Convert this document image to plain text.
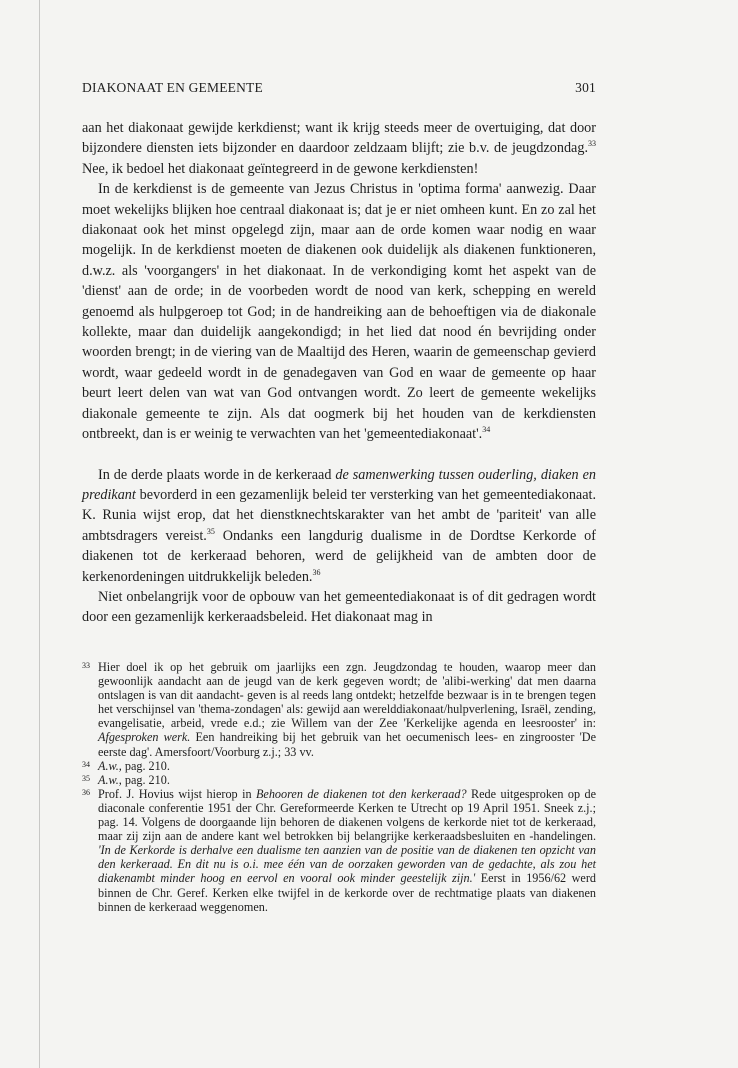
DIAKONAAT EN GEMEENTE	301

aan het diakonaat gewijde kerkdienst; want ik krijg steeds meer de overtuiging, dat door bijzondere diensten iets bijzonder en daardoor zeldzaam blijft; zie b.v. de jeugdzondag.$^{33}$ Nee, ik bedoel het diakonaat geïntegreerd in de gewone kerkdiensten!

In de kerkdienst is de gemeente van Jezus Christus in 'optima forma' aanwezig. Daar moet wekelijks blijken hoe centraal diakonaat is; dat je er niet omheen kunt. En zo zal het diakonaat ook het minst opgelegd zijn, maar aan de orde komen waar nodig en waar mogelijk. In de kerkdienst moeten de diakenen ook duidelijk als diakenen funktioneren, d.w.z. als 'voorgangers' in het diakonaat. In de verkondiging komt het aspekt van de 'dienst' aan de orde; in de voorbeden wordt de nood van kerk, schepping en wereld genoemd als hulpgeroep tot God; in de handreiking aan de behoeftigen via de diakonale kollekte, maar dan duidelijk aangekondigd; in het lied dat nood én bevrijding onder woorden brengt; in de viering van de Maaltijd des Heren, waarin de gemeenschap gevierd wordt, waar gedeeld wordt in de genadegaven van God en waar de gemeente op haar beurt leert delen van wat van God ontvangen wordt. Zo leert de gemeente wekelijks diakonale gemeente te zijn. Als dat oogmerk bij het houden van de kerkdiensten ontbreekt, dan is er weinig te verwachten van het 'gemeentediakonaat'.$^{34}$

In de derde plaats worde in de kerkeraad de samenwerking tussen ouderling, diaken en predikant bevorderd in een gezamenlijk beleid ter versterking van het gemeentediakonaat. K. Runia wijst erop, dat het dienstknechtskarakter van het ambt de 'pariteit' van alle ambtsdragers vereist.$^{35}$ Ondanks een langdurig dualisme in de Dordtse Kerkorde of diakenen tot de kerkeraad behoren, werd de gelijkheid van de ambten door de kerkenordeningen uitdrukkelijk beleden.$^{36}$

Niet onbelangrijk voor de opbouw van het gemeentediakonaat is of dit gedragen wordt door een gezamenlijk kerkeraadsbeleid. Het diakonaat mag in

33 Hier doel ik op het gebruik om jaarlijks een zgn. Jeugdzondag te houden, waarop meer dan gewoonlijk aandacht aan de jeugd van de kerk gegeven wordt; de 'alibi-werking' dat men daarna ontslagen is van dit aandacht- geven is al reeds lang ontdekt; hetzelfde bezwaar is in te brengen tegen het verschijnsel van 'thema-zondagen' als: gewijd aan werelddiakonaat/hulpverlening, Israël, zending, evangelisatie, arbeid, vrede e.d.; zie Willem van der Zee 'Kerkelijke agenda en leesrooster' in: Afgesproken werk. Een handreiking bij het gebruik van het oecumenisch lees- en zingrooster 'De eerste dag'. Amersfoort/Voorburg z.j.; 33 vv.

34 A.w., pag. 210.

35 A.w., pag. 210.

36 Prof. J. Hovius wijst hierop in Behooren de diakenen tot den kerkeraad? Rede uitgesproken op de diaconale conferentie 1951 der Chr. Gereformeerde Kerken te Utrecht op 19 April 1951. Sneek z.j.; pag. 14. Volgens de doorgaande lijn behoren de diakenen volgens de kerkorde niet tot de kerkeraad, maar zij zijn aan de andere kant wel betrokken bij belangrijke kerkeraadsbesluiten en -handelingen. 'In de Kerkorde is derhalve een dualisme ten aanzien van de positie van de diakenen ten opzicht van den kerkeraad. En dit nu is o.i. mee één van de oorzaken geworden van de gedachte, als zou het diakenambt minder hoog en eervol en vooral ook minder geestelijk zijn.' Eerst in 1956/62 werd binnen de Chr. Geref. Kerken elke twijfel in de kerkorde over de rechtmatige plaats van diakenen binnen de kerkeraad weggenomen.
